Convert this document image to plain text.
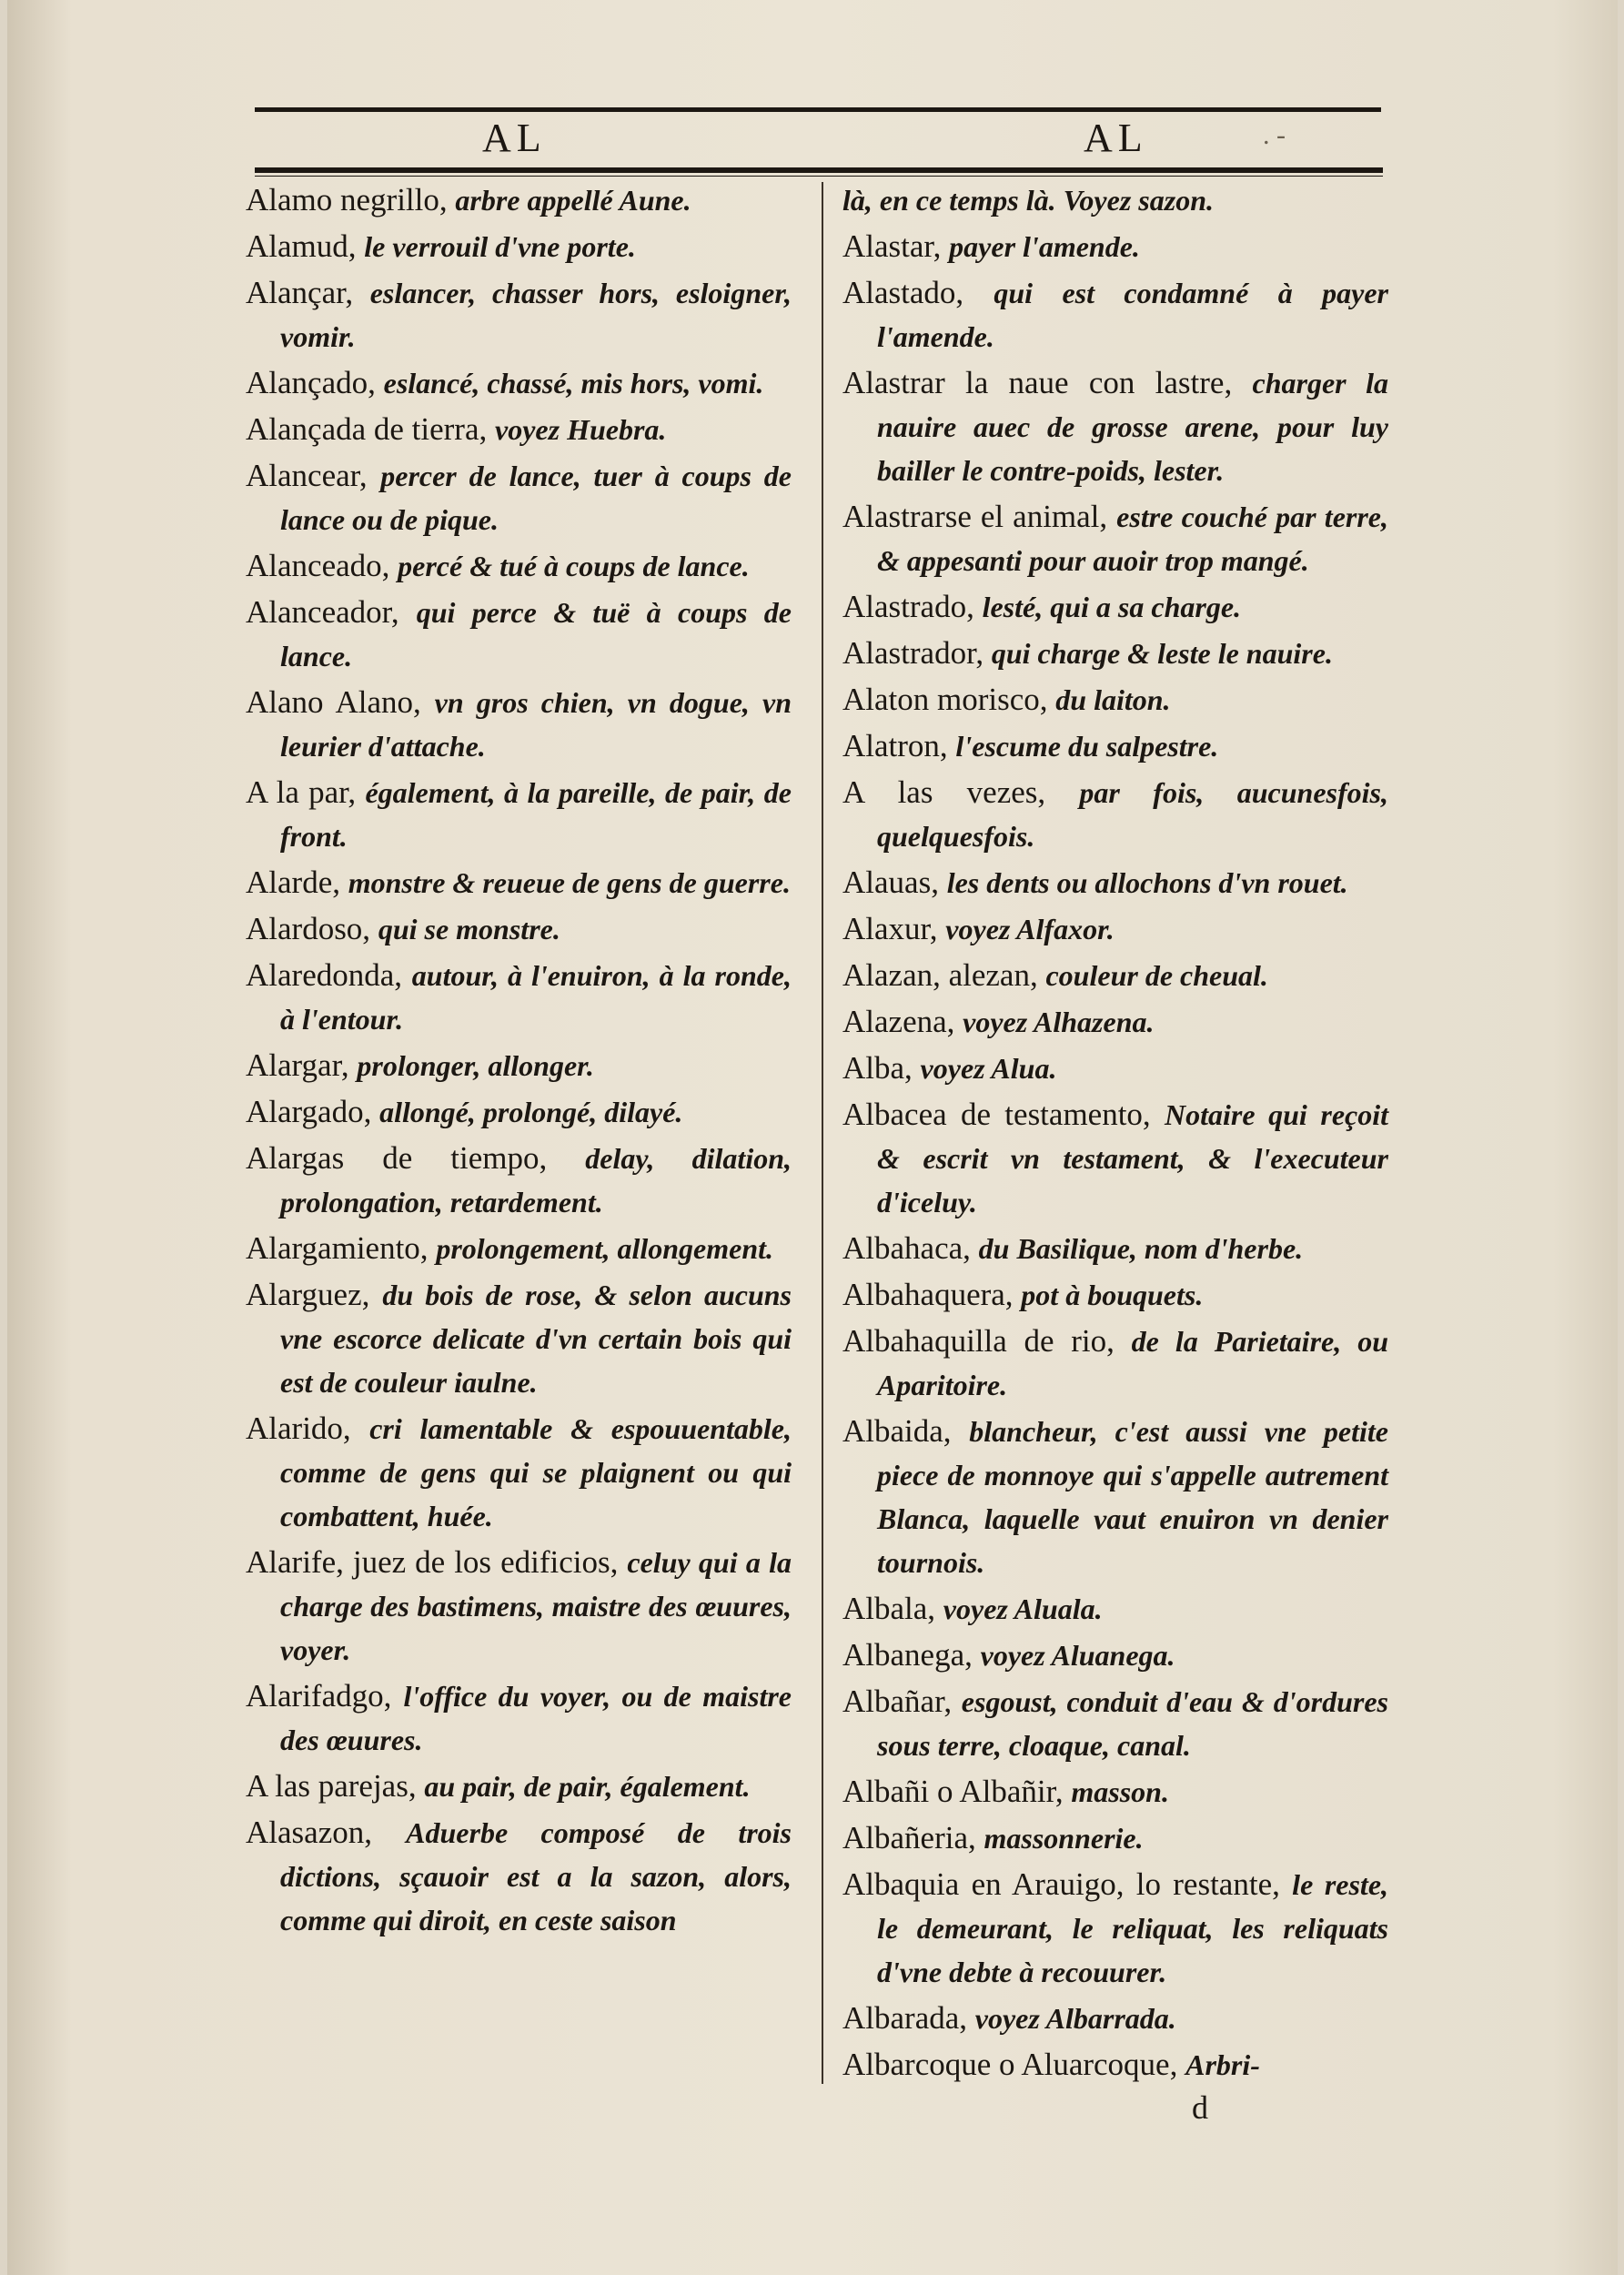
AL	AL	. -

Alamo negrillo, arbre appellé Aune.

Alamud, le verrouil d'vne porte.

Alançar, eslancer, chasser hors, esloigner, vomir.

Alançado, eslancé, chassé, mis hors, vomi.

Alançada de tierra, voyez Huebra.

Alancear, percer de lance, tuer à coups de lance ou de pique.

Alanceado, percé & tué à coups de lance.

Alanceador, qui perce & tuë à coups de lance.

Alano Alano, vn gros chien, vn dogue, vn leurier d'attache.

A la par, également, à la pareille, de pair, de front.

Alarde, monstre & reueue de gens de guerre.

Alardoso, qui se monstre.

Alaredonda, autour, à l'enuiron, à la ronde, à l'entour.

Alargar, prolonger, allonger.

Alargado, allongé, prolongé, dilayé.

Alargas de tiempo, delay, dilation, prolongation, retardement.

Alargamiento, prolongement, allongement.

Alarguez, du bois de rose, & selon aucuns vne escorce delicate d'vn certain bois qui est de couleur iaulne.

Alarido, cri lamentable & espouuentable, comme de gens qui se plaignent ou qui combattent, huée.

Alarife, juez de los edificios, celuy qui a la charge des bastimens, maistre des œuures, voyer.

Alarifadgo, l'office du voyer, ou de maistre des œuures.

A las parejas, au pair, de pair, également.

Alasazon, Aduerbe composé de trois dictions, sçauoir est a la sazon, alors, comme qui diroit, en ceste saison

là, en ce temps là. Voyez sazon.

Alastar, payer l'amende.

Alastado, qui est condamné à payer l'amende.

Alastrar la naue con lastre, charger la nauire auec de grosse arene, pour luy bailler le contre-poids, lester.

Alastrarse el animal, estre couché par terre, & appesanti pour auoir trop mangé.

Alastrado, lesté, qui a sa charge.

Alastrador, qui charge & leste le nauire.

Alaton morisco, du laiton.

Alatron, l'escume du salpestre.

A las vezes, par fois, aucunesfois, quelquesfois.

Alauas, les dents ou allochons d'vn rouet.

Alaxur, voyez Alfaxor.

Alazan, alezan, couleur de cheual.

Alazena, voyez Alhazena.

Alba, voyez Alua.

Albacea de testamento, Notaire qui reçoit & escrit vn testament, & l'executeur d'iceluy.

Albahaca, du Basilique, nom d'herbe.

Albahaquera, pot à bouquets.

Albahaquilla de rio, de la Parietaire, ou Aparitoire.

Albaida, blancheur, c'est aussi vne petite piece de monnoye qui s'appelle autrement Blanca, laquelle vaut enuiron vn denier tournois.

Albala, voyez Aluala.

Albanega, voyez Aluanega.

Albañar, esgoust, conduit d'eau & d'ordures sous terre, cloaque, canal.

Albañi o Albañir, masson.

Albañeria, massonnerie.

Albaquia en Arauigo, lo restante, le reste, le demeurant, le reliquat, les reliquats d'vne debte à recouurer.

Albarada, voyez Albarrada.

Albarcoque o Aluarcoque, Arbri-

d
